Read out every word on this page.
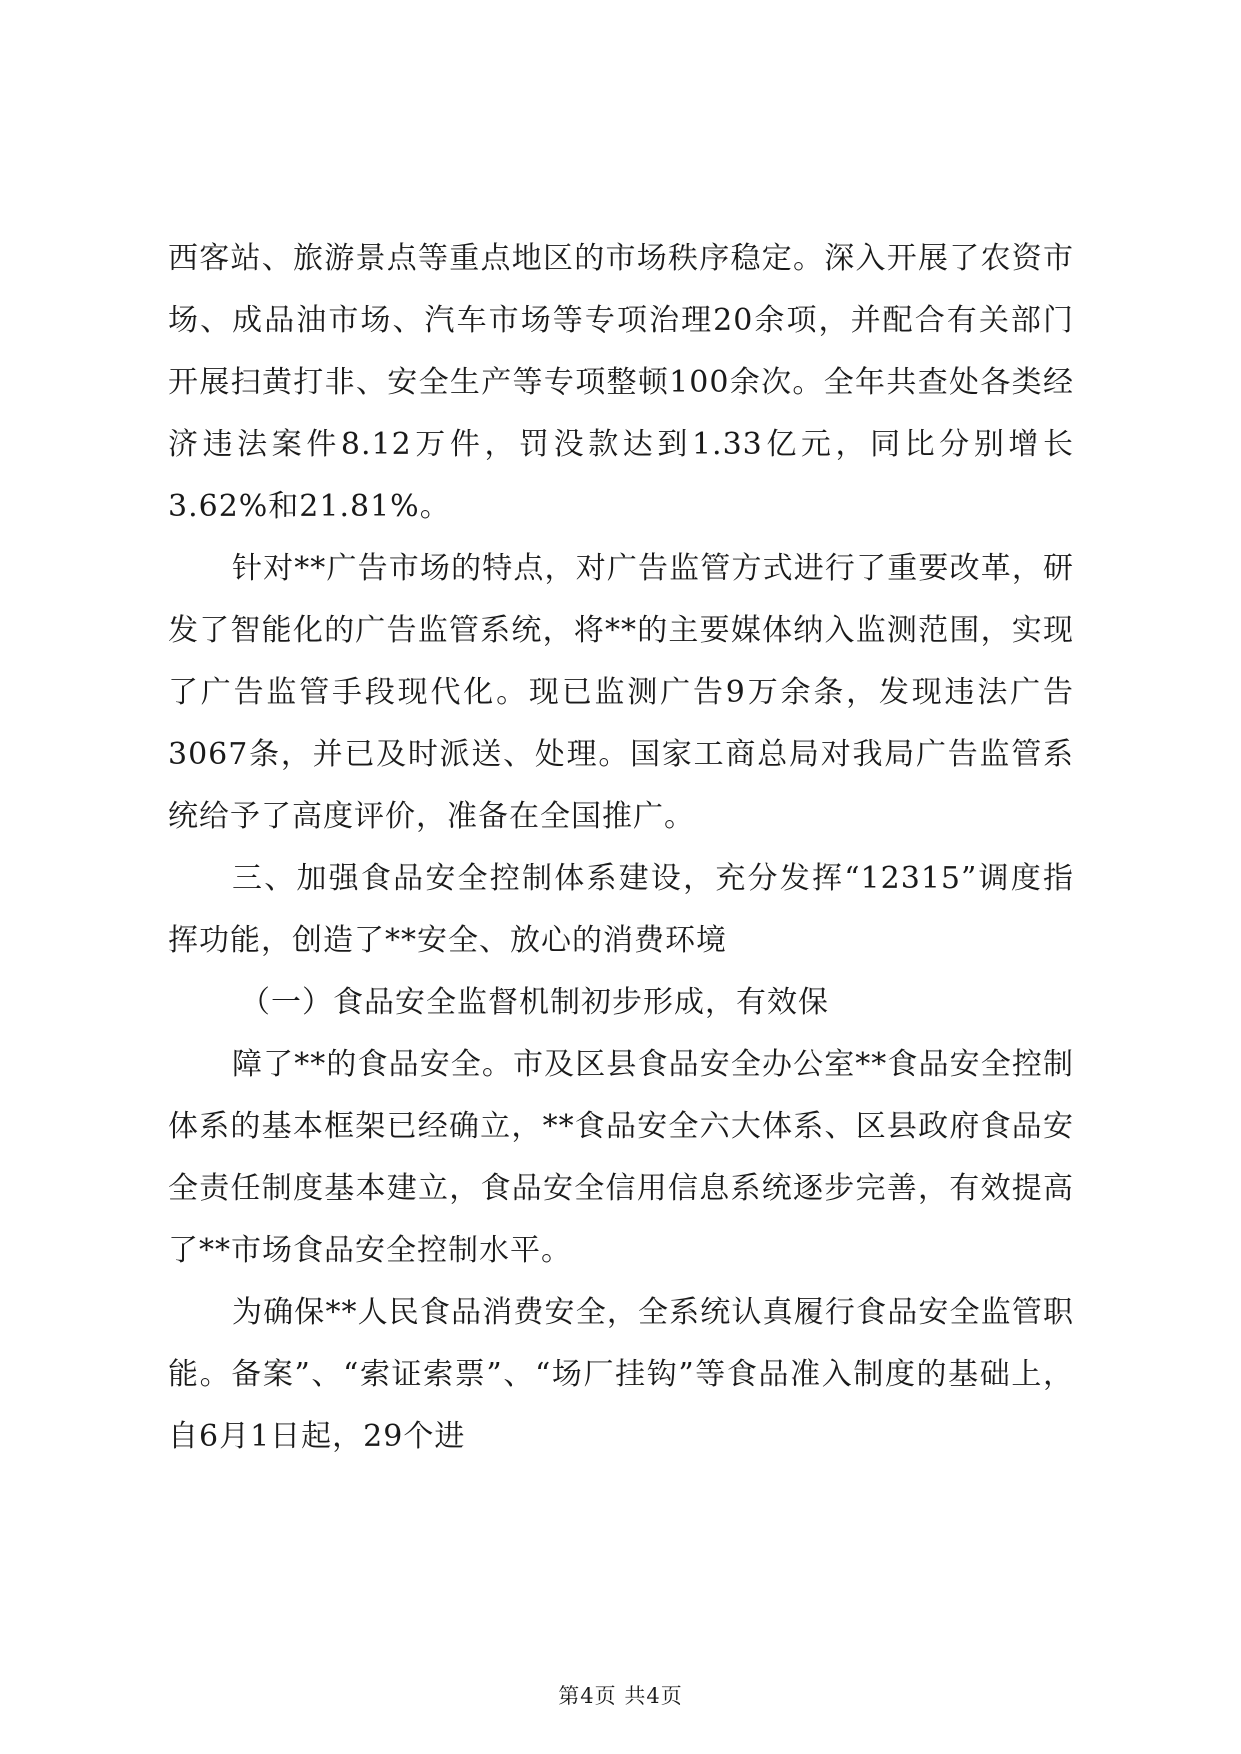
西客站、旅游景点等重点地区的市场秩序稳定。深入开展了农资市场、成品油市场、汽车市场等专项治理20余项，并配合有关部门开展扫黄打非、安全生产等专项整顿100余次。全年共查处各类经济违法案件8.12万件，罚没款达到1.33亿元，同比分别增长3.62%和21.81%。

针对**广告市场的特点，对广告监管方式进行了重要改革，研发了智能化的广告监管系统，将**的主要媒体纳入监测范围，实现了广告监管手段现代化。现已监测广告9万余条，发现违法广告3067条，并已及时派送、处理。国家工商总局对我局广告监管系统给予了高度评价，准备在全国推广。

三、加强食品安全控制体系建设，充分发挥“12315”调度指挥功能，创造了**安全、放心的消费环境

（一）食品安全监督机制初步形成，有效保

障了**的食品安全。市及区县食品安全办公室**食品安全控制体系的基本框架已经确立，**食品安全六大体系、区县政府食品安全责任制度基本建立，食品安全信用信息系统逐步完善，有效提高了**市场食品安全控制水平。

为确保**人民食品消费安全，全系统认真履行食品安全监管职能。备案”、“索证索票”、“场厂挂钩”等食品准入制度的基础上，自6月1日起，29个进

第4页 共4页
